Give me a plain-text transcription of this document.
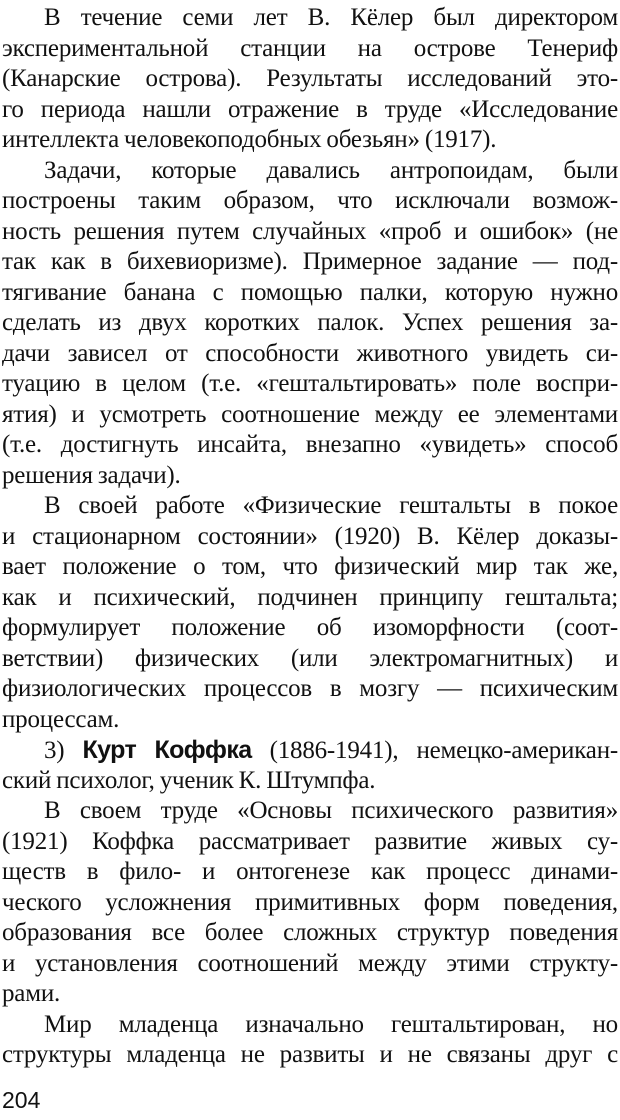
В течение семи лет В. Кёлер был директором
экспериментальной станции на острове Тенериф
(Канарские острова). Результаты исследований это-
го периода нашли отражение в труде «Исследование
интеллекта человекоподобных обезьян» (1917).
Задачи, которые давались антропоидам, были
построены таким образом, что исключали возмож-
ность решения путем случайных «проб и ошибок» (не
так как в бихевиоризме). Примерное задание — под-
тягивание банана с помощью палки, которую нужно
сделать из двух коротких палок. Успех решения за-
дачи зависел от способности животного увидеть си-
туацию в целом (т.е. «гештальтировать» поле воспри-
ятия) и усмотреть соотношение между ее элементами
(т.е. достигнуть инсайта, внезапно «увидеть» способ
решения задачи).
В своей работе «Физические гештальты в покое
и стационарном состоянии» (1920) В. Кёлер доказы-
вает положение о том, что физический мир так же,
как и психический, подчинен принципу гештальта;
формулирует положение об изоморфности (соот-
ветствии) физических (или электромагнитных) и
физиологических процессов в мозгу — психическим
процессам.
3) Курт Коффка (1886-1941), немецко-американ-
ский психолог, ученик К. Штумпфа.
В своем труде «Основы психического развития»
(1921) Коффка рассматривает развитие живых су-
ществ в фило- и онтогенезе как процесс динами-
ческого усложнения примитивных форм поведения,
образования все более сложных структур поведения
и установления соотношений между этими структу-
рами.
Мир младенца изначально гештальтирован, но
структуры младенца не развиты и не связаны друг с
204
